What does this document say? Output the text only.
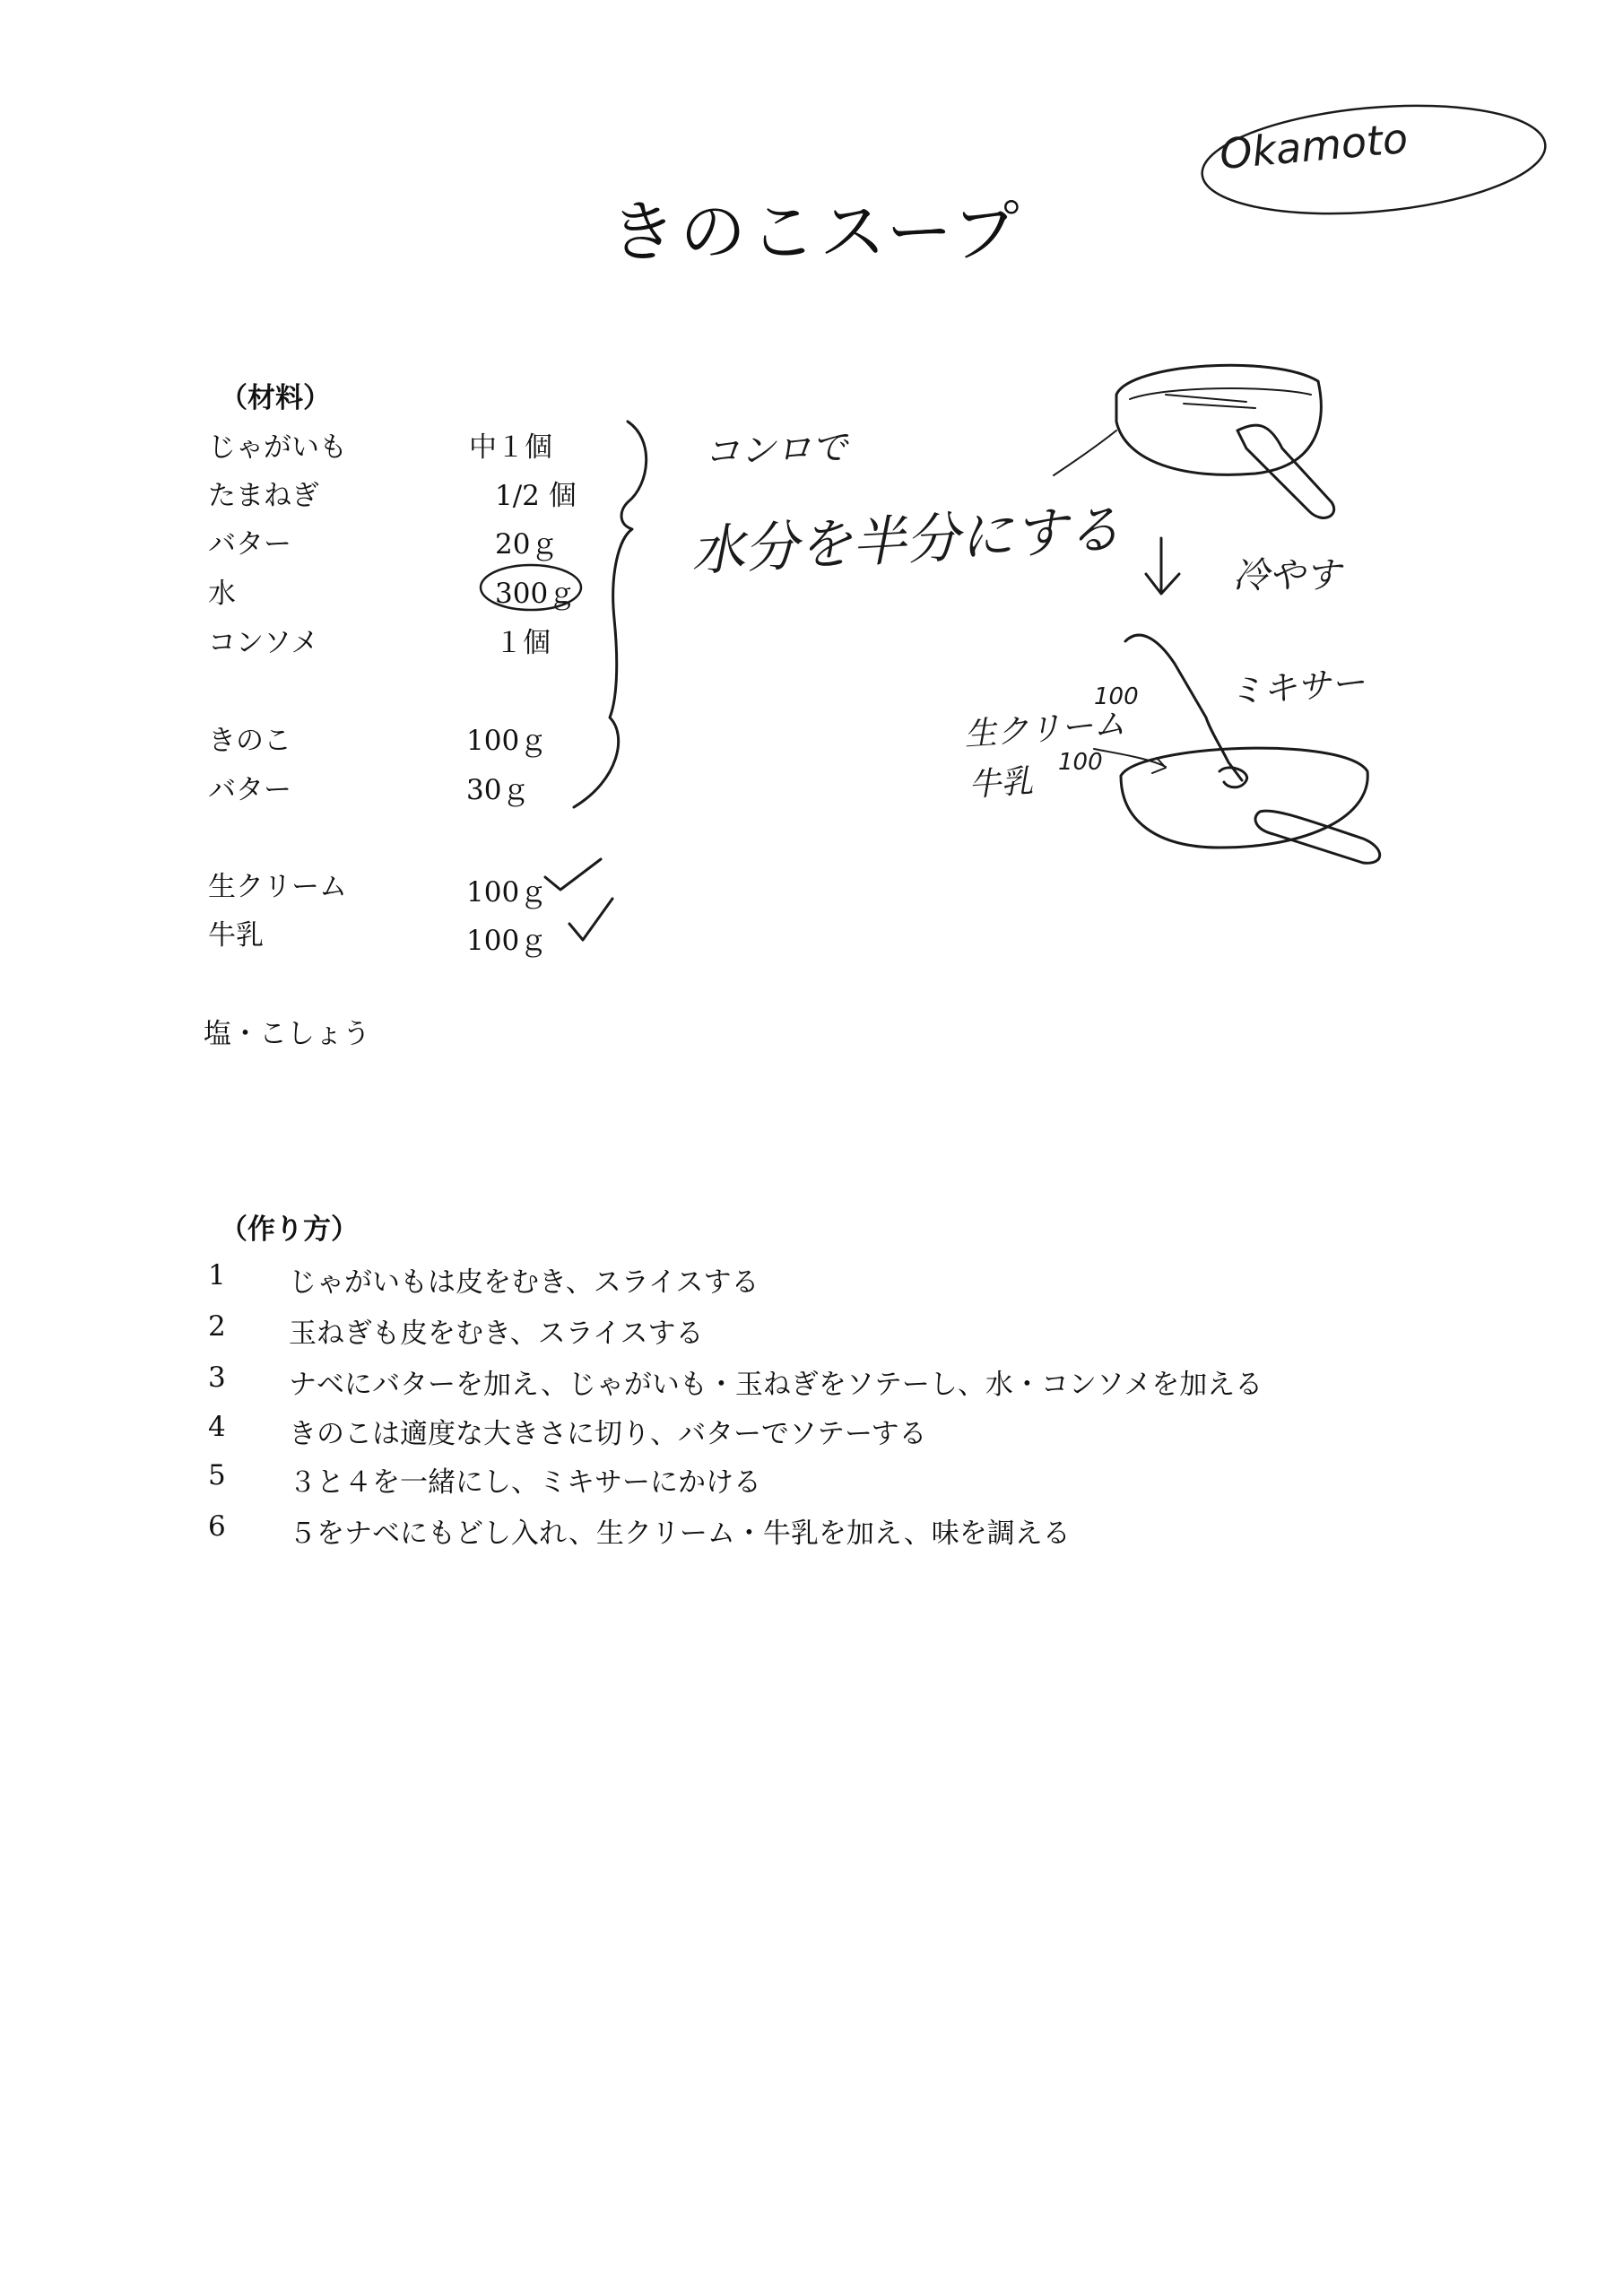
きのこスープ
（材料）
じゃがいも	中１個
たまねぎ	1/2 個
バター	20ｇ
水	300ｇ
コンソメ	１個
きのこ	100ｇ
バター	30ｇ
生クリーム	100ｇ
牛乳	100ｇ
塩・こしょう
（作り方）
1 じゃがいもは皮をむき、スライスする
2 玉ねぎも皮をむき、スライスする
3 ナベにバターを加え、じゃがいも・玉ねぎをソテーし、水・コンソメを加える
4 きのこは適度な大きさに切り、バターでソテーする
5 ３と４を一緒にし、ミキサーにかける
6 ５をナベにもどし入れ、生クリーム・牛乳を加え、味を調える
Okamoto
コンロで
水分を半分にする	冷やす
ミキサー
100
生クリーム
牛乳
100
